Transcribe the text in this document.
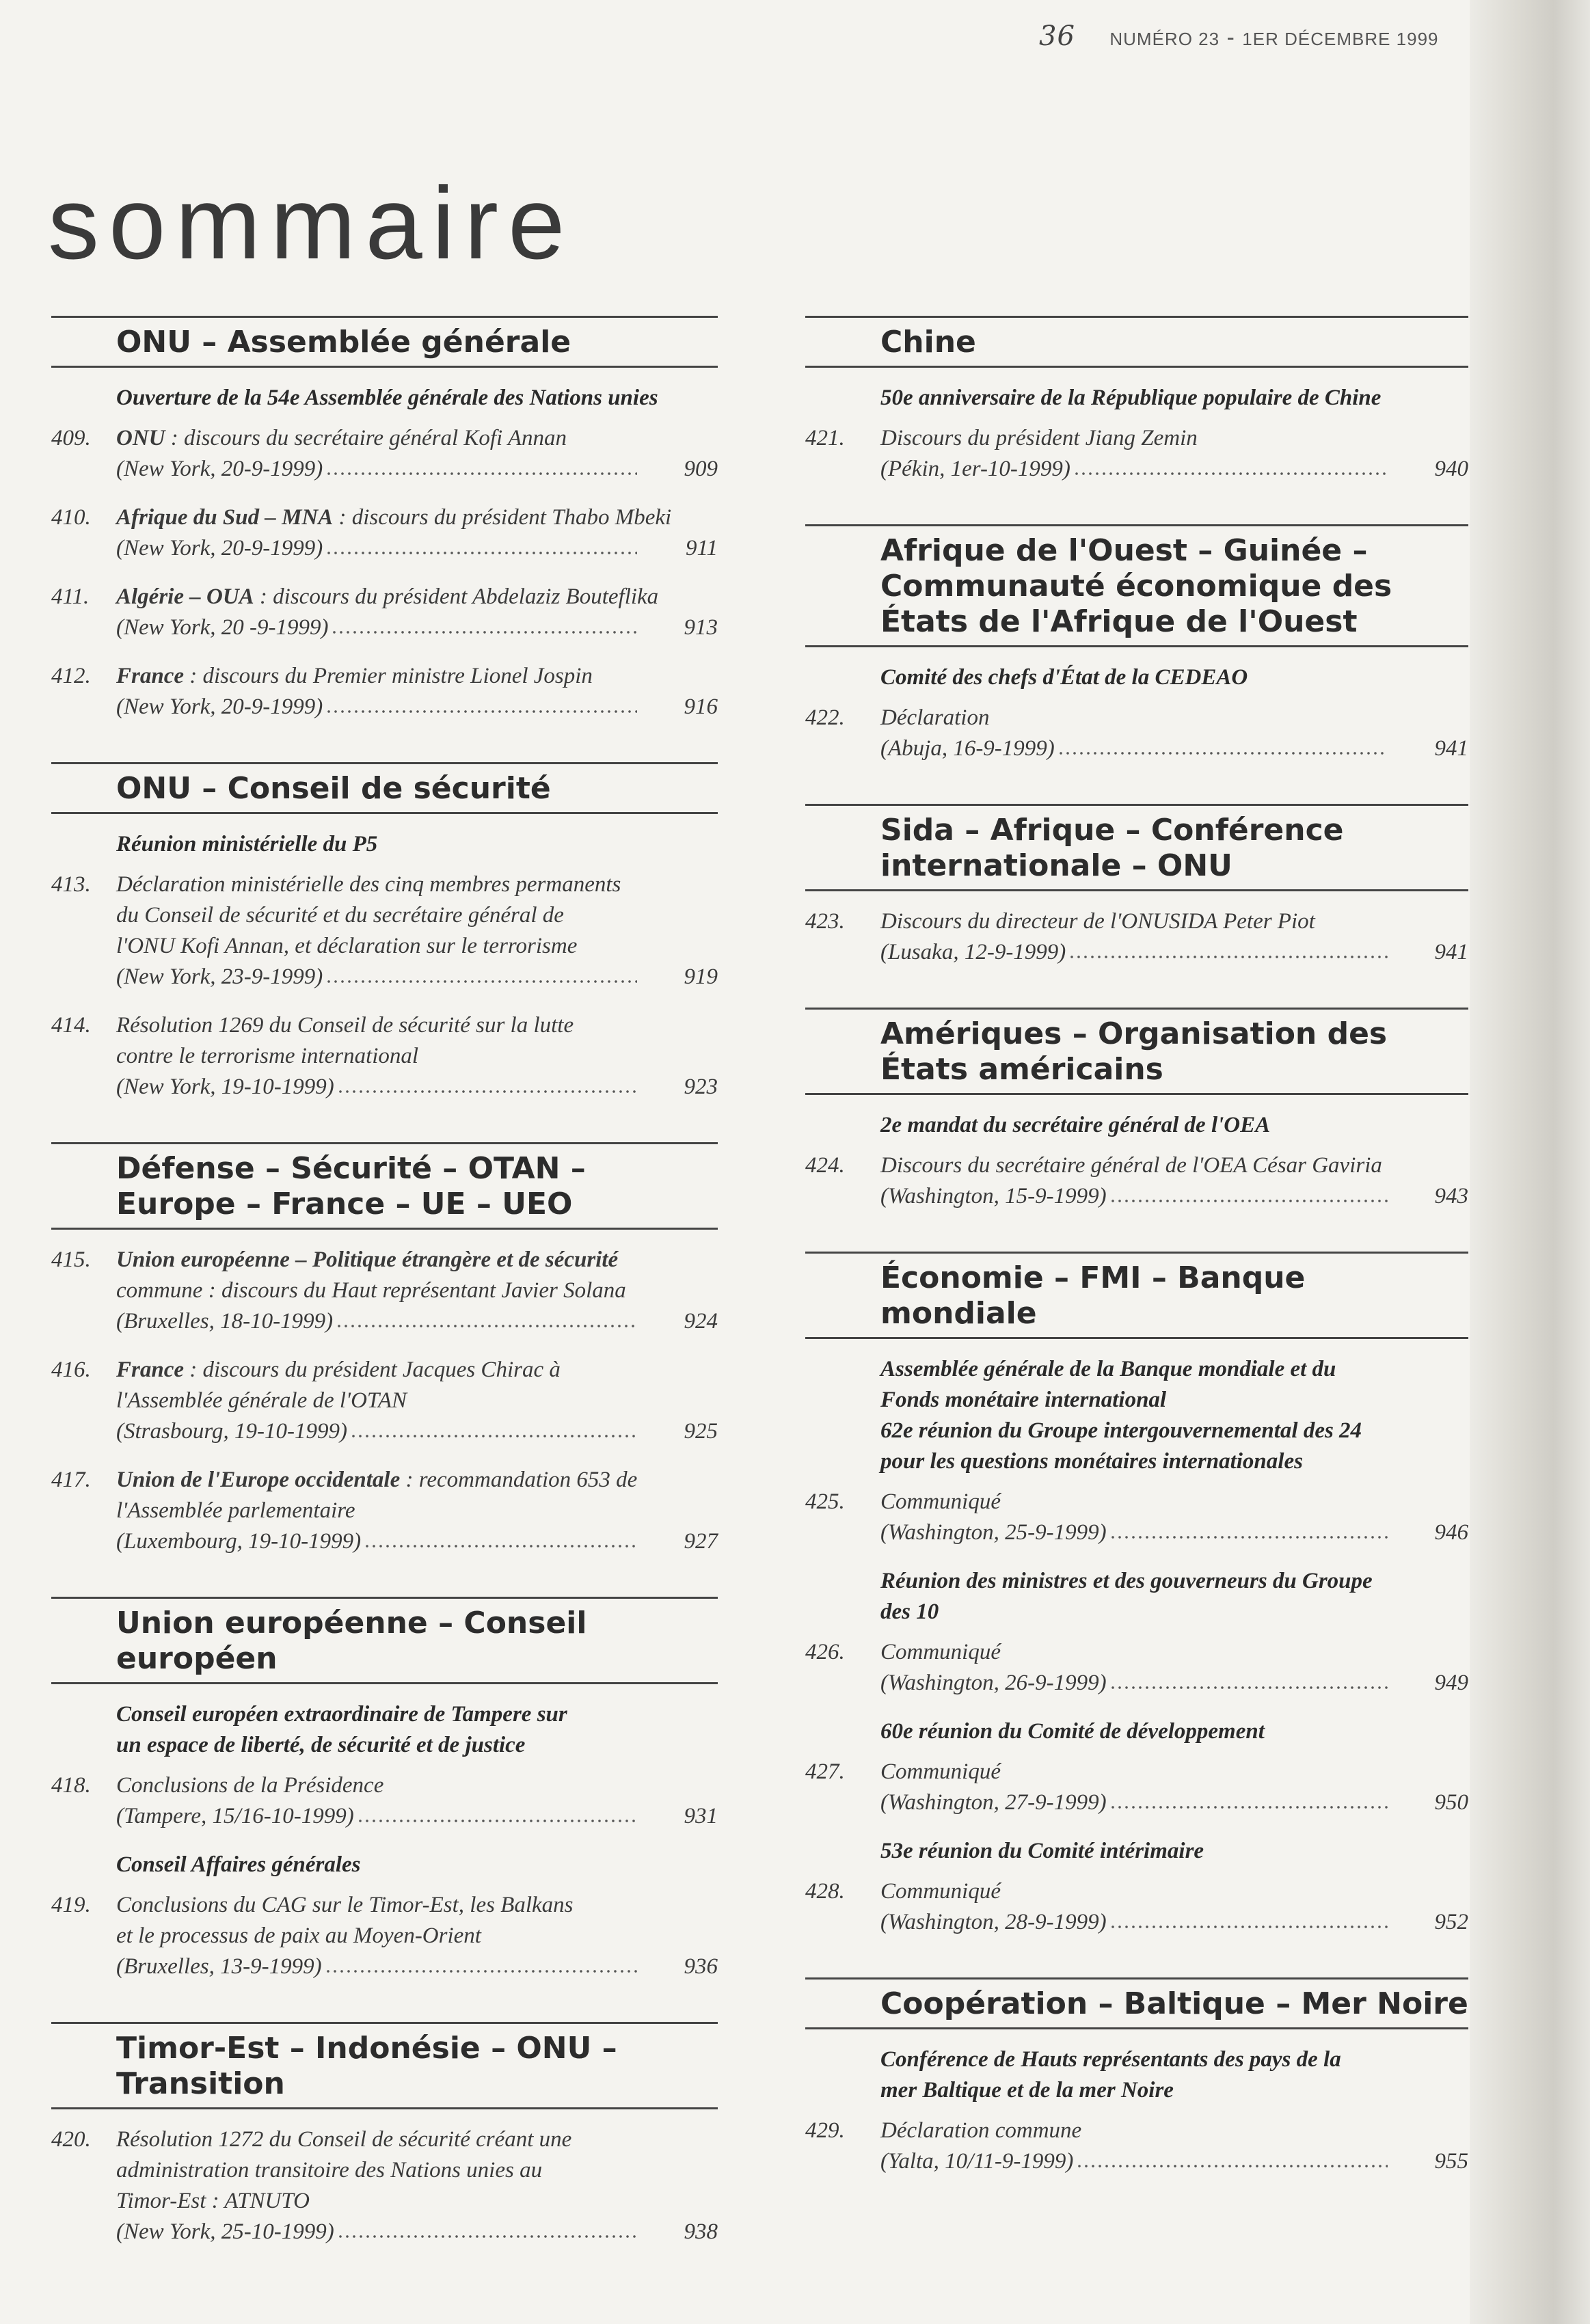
36 NUMÉRO 23 - 1ER DÉCEMBRE 1999
sommaire
ONU – Assemblée générale
Ouverture de la 54e Assemblée générale des Nations unies
409.	ONU : discours du secrétaire général Kofi Annan
(New York, 20-9-1999)	909
410.	Afrique du Sud – MNA : discours du président Thabo Mbeki
(New York, 20-9-1999)	911
411.	Algérie – OUA : discours du président Abdelaziz Bouteflika
(New York, 20 -9-1999)	913
412.	France : discours du Premier ministre Lionel Jospin
(New York, 20-9-1999)	916
ONU – Conseil de sécurité
Réunion ministérielle du P5
413.	Déclaration ministérielle des cinq membres permanents
du Conseil de sécurité et du secrétaire général de
l'ONU Kofi Annan, et déclaration sur le terrorisme
(New York, 23-9-1999)	919
414.	Résolution 1269 du Conseil de sécurité sur la lutte
contre le terrorisme international
(New York, 19-10-1999)	923
Défense – Sécurité – OTAN –
Europe – France – UE – UEO
415.	Union européenne – Politique étrangère et de sécurité
commune : discours du Haut représentant Javier Solana
(Bruxelles, 18-10-1999)	924
416.	France : discours du président Jacques Chirac à
l'Assemblée générale de l'OTAN
(Strasbourg, 19-10-1999)	925
417.	Union de l'Europe occidentale : recommandation 653 de
l'Assemblée parlementaire
(Luxembourg, 19-10-1999)	927
Union européenne – Conseil
européen
Conseil européen extraordinaire de Tampere sur
un espace de liberté, de sécurité et de justice
418.	Conclusions de la Présidence
(Tampere, 15/16-10-1999)	931
Conseil Affaires générales
419.	Conclusions du CAG sur le Timor-Est, les Balkans
et le processus de paix au Moyen-Orient
(Bruxelles, 13-9-1999)	936
Timor-Est – Indonésie – ONU –
Transition
420.	Résolution 1272 du Conseil de sécurité créant une
administration transitoire des Nations unies au
Timor-Est : ATNUTO
(New York, 25-10-1999)	938
Chine
50e anniversaire de la République populaire de Chine
421.	Discours du président Jiang Zemin
(Pékin, 1er-10-1999)	940
Afrique de l'Ouest – Guinée –
Communauté économique des
États de l'Afrique de l'Ouest
Comité des chefs d'État de la CEDEAO
422.	Déclaration
(Abuja, 16-9-1999)	941
Sida – Afrique – Conférence
internationale – ONU
423.	Discours du directeur de l'ONUSIDA Peter Piot
(Lusaka, 12-9-1999)	941
Amériques – Organisation des
États américains
2e mandat du secrétaire général de l'OEA
424.	Discours du secrétaire général de l'OEA César Gaviria
(Washington, 15-9-1999)	943
Économie – FMI – Banque mondiale
Assemblée générale de la Banque mondiale et du
Fonds monétaire international
62e réunion du Groupe intergouvernemental des 24
pour les questions monétaires internationales
425.	Communiqué
(Washington, 25-9-1999)	946
Réunion des ministres et des gouverneurs du Groupe
des 10
426.	Communiqué
(Washington, 26-9-1999)	949
60e réunion du Comité de développement
427.	Communiqué
(Washington, 27-9-1999)	950
53e réunion du Comité intérimaire
428.	Communiqué
(Washington, 28-9-1999)	952
Coopération – Baltique – Mer Noire
Conférence de Hauts représentants des pays de la
mer Baltique et de la mer Noire
429.	Déclaration commune
(Yalta, 10/11-9-1999)	955
